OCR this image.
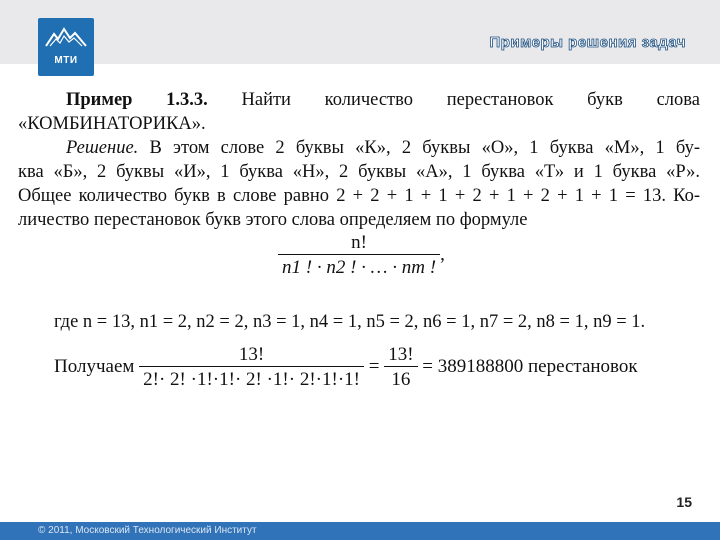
МТИ
Примеры решения задач

Пример 1.3.3. Найти количество перестановок букв слова

«КОМБИНАТОРИКА».

Решение. В этом слове 2 буквы «К», 2 буквы «О», 1 буква «М», 1 бу-

ква «Б», 2 буквы «И», 1 буква «Н», 2 буквы «А», 1 буква «Т» и 1 буква «Р».

Общее количество букв в слове равно 2 + 2 + 1 + 1 + 2 + 1 + 2 + 1 + 1 = 13. Ко-

личество перестановок букв этого слова определяем по формуле

$\frac{n!}{n1 ! \cdot n2 ! \cdot \dots \cdot nm !}$ ,
где n = 13, n1 = 2, n2 = 2, n3 = 1, n4 = 1, n5 = 2, n6 = 1, n7 = 2, n8 = 1, n9 = 1.
Получаем $\frac{13!}{2!\cdot 2! \cdot 1!\cdot 1!\cdot 2! \cdot 1!\cdot 2!\cdot 1!\cdot 1!} = \frac{13!}{16} = 389188800$ перестановок
15
© 2011, Московский Технологический Институт
